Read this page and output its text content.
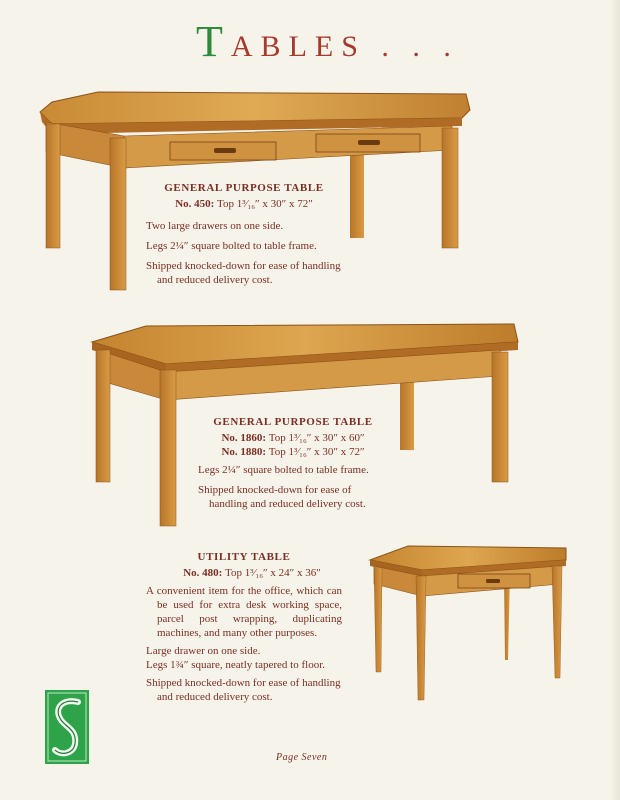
TABLES . . .
GENERAL PURPOSE TABLE
No. 450: Top 1³⁄₁₆″ x 30″ x 72″
Two large drawers on one side.
Legs 2¼″ square bolted to table frame.
Shipped knocked-down for ease of handling and reduced delivery cost.
GENERAL PURPOSE TABLE
No. 1860: Top 1³⁄₁₆″ x 30″ x 60″
No. 1880: Top 1³⁄₁₆″ x 30″ x 72″
Legs 2¼″ square bolted to table frame.
Shipped knocked-down for ease of handling and reduced delivery cost.
UTILITY TABLE
No. 480: Top 1³⁄₁₆″ x 24″ x 36″
A convenient item for the office, which can be used for extra desk working space, parcel post wrapping, duplicating machines, and many other purposes.
Large drawer on one side.
Legs 1¾″ square, neatly tapered to floor.
Shipped knocked-down for ease of handling and reduced delivery cost.
Page Seven
